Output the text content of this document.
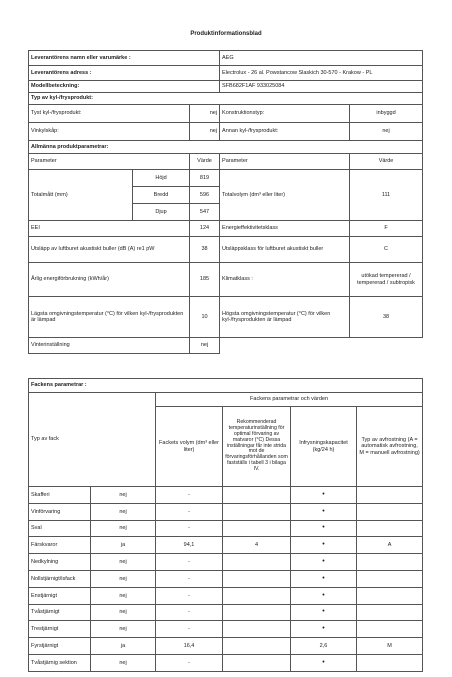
Produktinformationsblad
Leverantörens namn eller varumärke :			AEG	
Leverantörens adress :			Electrolux - 26 al. Powstancow Slaskich 30-570 - Krakow - PL	
Modellbeteckning:			SFB682F1AF 933025084	
Typ av kyl-/frysprodukt:				
Tyst kyl-/frysprodukt:		nej	Konstruktionstyp:	inbyggd
Vinkylskåp:		nej	Annan kyl-/frysprodukt:	nej
Allmänna produktparametrar:				
Parameter		Värde	Parameter	Värde
Totalmått (mm)	Höjd	819	Totalvolym (dm³ eller liter)	111
	Bredd	596		
	Djup	547		
EEI		124	Energieffektivitetsklass	F
Utsläpp av luftburet akustiskt buller (dB (A) re1 pW		38	Utsläppsklass för luftburet akustiskt buller	C
Årlig energiförbrukning (kWh/år)		185	Klimatklass :	utökad tempererad / tempererad / subtropisk
Lägsta omgivningstemperatur (°C) för vilken kyl-/frysprodukten är lämpad		10	Högsta omgivningstemperatur (°C) för vilken kyl-/frysprodukten är lämpad	38
Vinterinställning		nej		
Fackens parametrar :					
Typ av fack		Fackens parametrar och värden			
		Fackets volym (dm³ eller liter)	Rekommenderad temperaturinställning för optimal förvaring av matvaror (°C) Dessa inställningar får inte strida mot de förvaringsförhållanden som fastställs i tabell 3 i bilaga IV.	Infrysningskapacitet (kg/24 h)	Typ av avfrostning (A = automatisk avfrostning, M = manuell avfrostning)
Skafferi	nej	-		•	
Vinförvaring	nej	-		•	
Sval	nej	-		•	
Färskvaror	ja	94,1	4	•	A
Nedkylning	nej	-		•	
Nollstjärnigt/isfack	nej	-		•	
Enstjärnigt	nej	-		•	
Tvåstjärnigt	nej	-		•	
Trestjärnigt	nej	-		•	
Fyrstjärnigt	ja	16,4		2,6	M
Tvåstjärnig sektion	nej	-		•	
